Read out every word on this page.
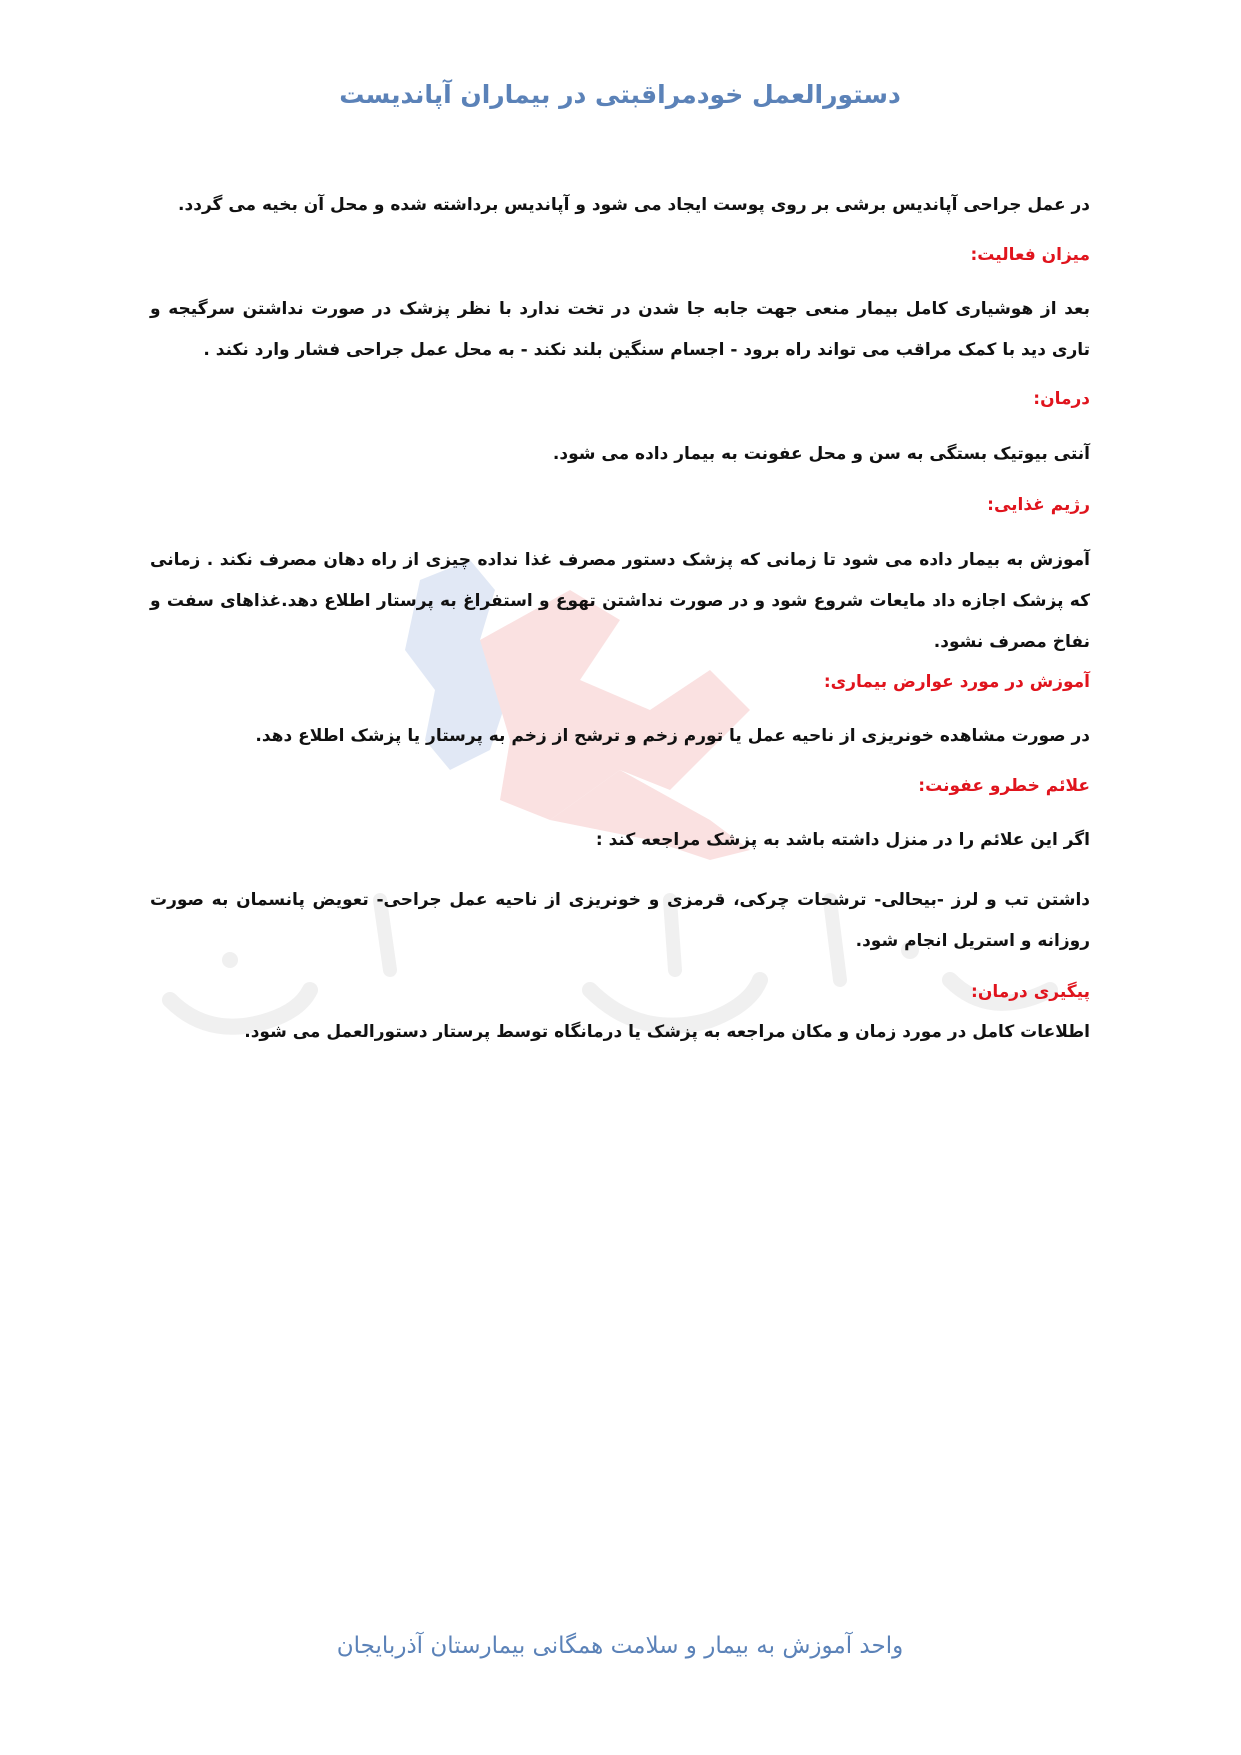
دستورالعمل خودمراقبتی در بیماران آپاندیست

در عمل جراحی آپاندیس برشی بر روی پوست ایجاد می شود و آپاندیس برداشته شده و محل آن بخیه می گردد.

میزان فعالیت:

بعد از هوشیاری کامل بیمار منعی جهت جابه جا شدن در تخت ندارد با نظر پزشک در صورت نداشتن سرگیجه و تاری دید با کمک مراقب می تواند راه برود - اجسام سنگین بلند نکند - به محل عمل جراحی فشار وارد نکند .

درمان:

آنتی بیوتیک بستگی به سن و محل عفونت به بیمار داده می شود.

رژیم غذایی:

آموزش به بیمار داده می شود تا زمانی که پزشک دستور مصرف غذا نداده چیزی از راه دهان مصرف نکند . زمانی که پزشک اجازه داد مایعات شروع شود و در صورت نداشتن تهوع و استفراغ به پرستار اطلاع دهد.غذاهای سفت و نفاخ مصرف نشود.

آموزش در مورد عوارض بیماری:

در صورت مشاهده خونریزی از ناحیه عمل یا تورم زخم و ترشح از زخم به پرستار یا پزشک اطلاع دهد.

علائم خطرو عفونت:

اگر این علائم را در منزل داشته باشد به پزشک مراجعه کند :

داشتن تب و لرز -بیحالی- ترشحات چرکی، قرمزی و خونریزی از ناحیه عمل جراحی- تعویض پانسمان به صورت روزانه و استریل انجام شود.

پیگیری درمان:

اطلاعات کامل در مورد زمان و مکان مراجعه به پزشک یا درمانگاه توسط پرستار دستورالعمل می شود.

واحد آموزش به بیمار و سلامت همگانی بیمارستان آذربایجان
